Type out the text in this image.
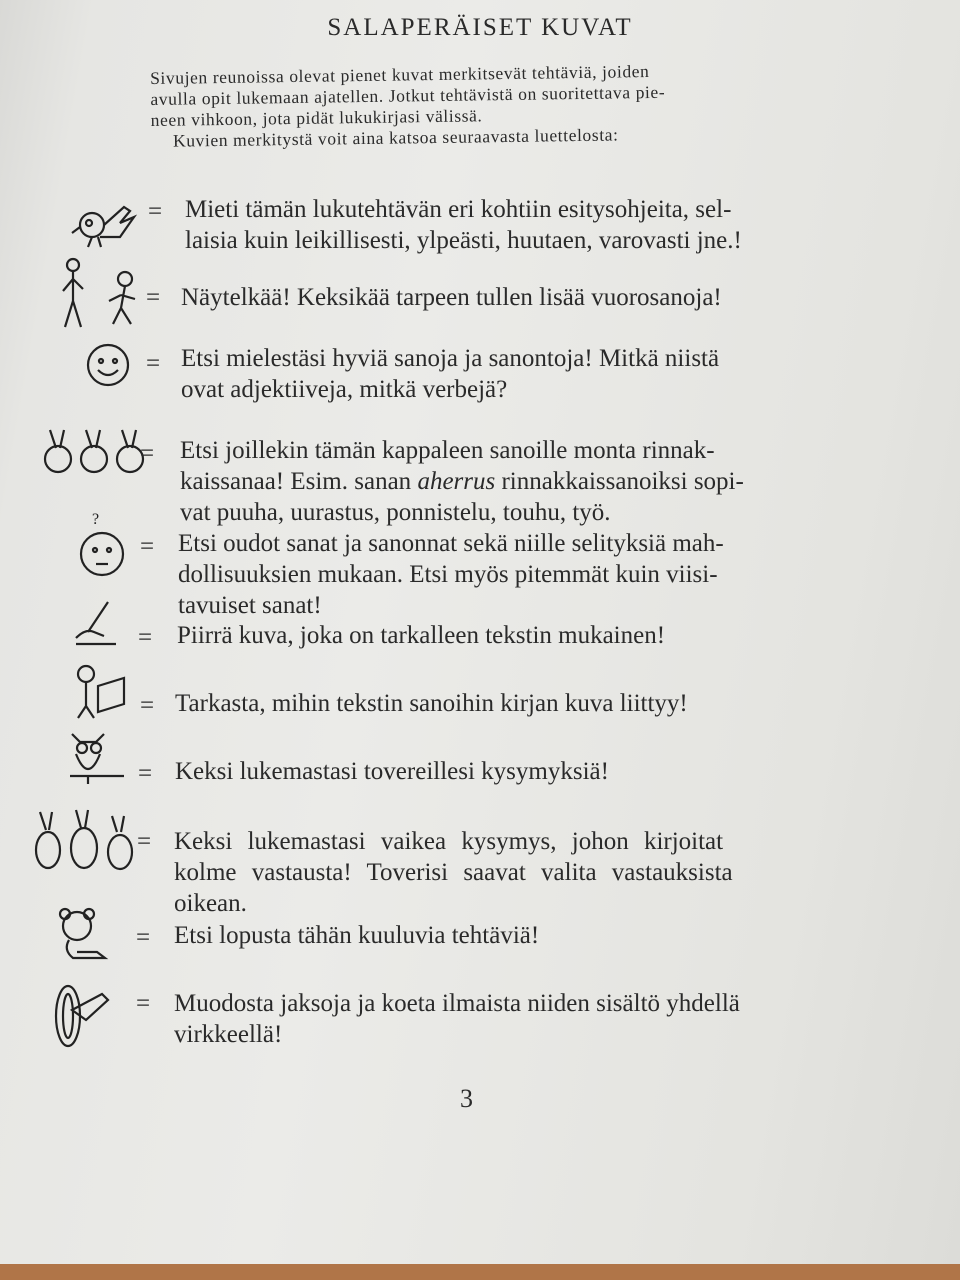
SALAPERÄISET KUVAT
Sivujen reunoissa olevat pienet kuvat merkitsevät tehtäviä, joiden
avulla opit lukemaan ajatellen. Jotkut tehtävistä on suoritettava pie-
neen vihkoon, jota pidät lukukirjasi välissä.
Kuvien merkitystä voit aina katsoa seuraavasta luettelosta:
= Mieti tämän lukutehtävän eri kohtiin esitysohjeita, sel-
laisia kuin leikillisesti, ylpeästi, huutaen, varovasti jne.!
= Näytelkää! Keksikää tarpeen tullen lisää vuorosanoja!
= Etsi mielestäsi hyviä sanoja ja sanontoja! Mitkä niistä
ovat adjektiiveja, mitkä verbejä?
= Etsi joillekin tämän kappaleen sanoille monta rinnak-
kaissanaa! Esim. sanan aherrus rinnakkaissanoiksi sopi-
vat puuha, uurastus, ponnistelu, touhu, työ.
?
= Etsi oudot sanat ja sanonnat sekä niille selityksiä mah-
dollisuuksien mukaan. Etsi myös pitemmät kuin viisi-
tavuiset sanat!
= Piirrä kuva, joka on tarkalleen tekstin mukainen!
= Tarkasta, mihin tekstin sanoihin kirjan kuva liittyy!
= Keksi lukemastasi tovereillesi kysymyksiä!
= Keksi lukemastasi vaikea kysymys, johon kirjoitat
kolme vastausta! Toverisi saavat valita vastauksista
oikean.
= Etsi lopusta tähän kuuluvia tehtäviä!
= Muodosta jaksoja ja koeta ilmaista niiden sisältö yhdellä
virkkeellä!
3
